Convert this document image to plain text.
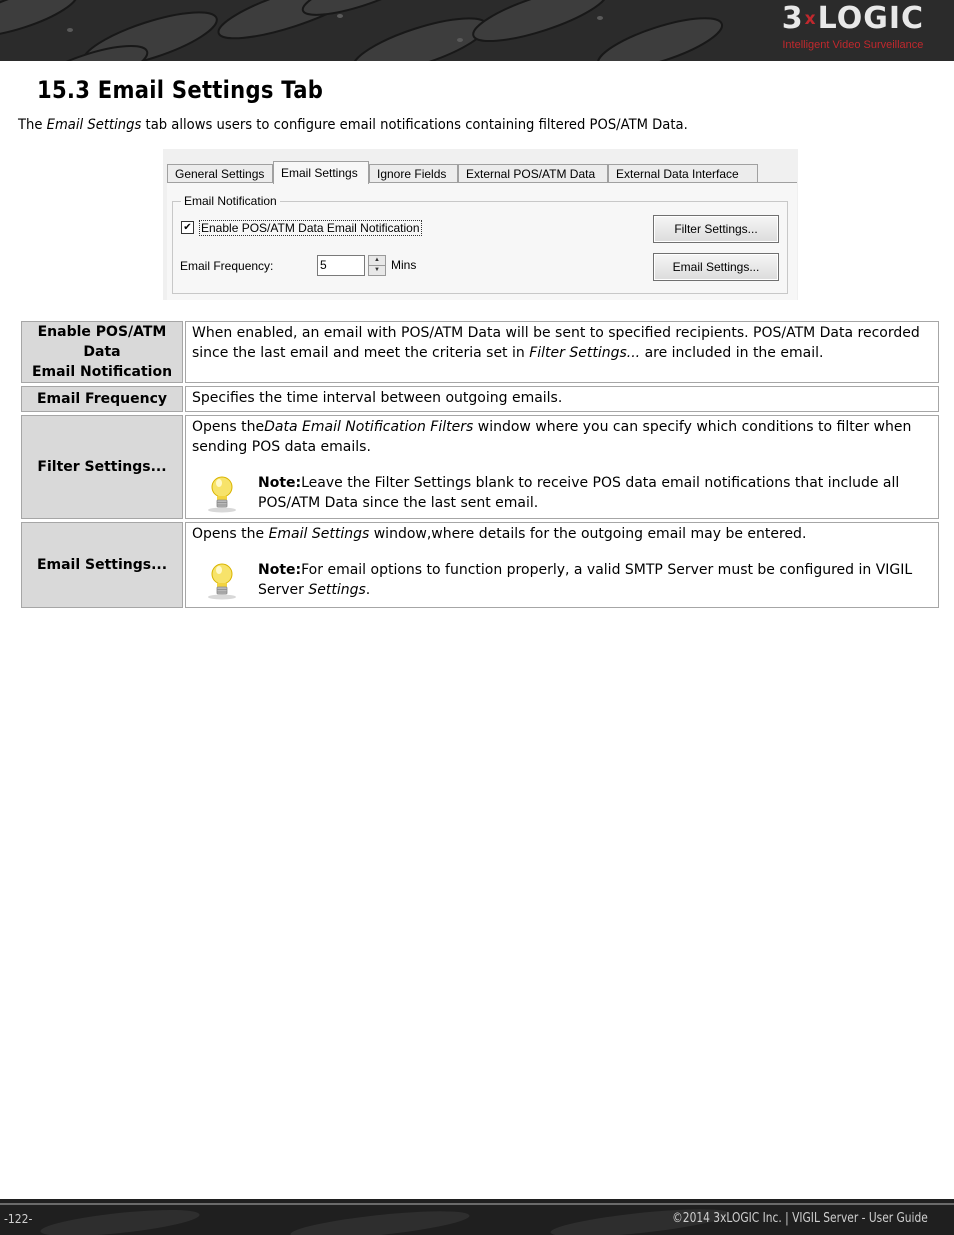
3xLOGIC
Intelligent Video Surveillance
15.3 Email Settings Tab

The Email Settings tab allows users to configure email notifications containing filtered POS/ATM Data.

General Settings	Email Settings	Ignore Fields	External POS/ATM Data	External Data Interface
Email Notification
✔ Enable POS/ATM Data Email Notification
Email Frequency:	5	▲
▼ Mins
Filter Settings...
Email Settings...
Enable POS/ATM Data
Email Notification	When enabled, an email with POS/ATM Data will be sent to specified recipients. POS/ATM Data recorded since the last email and meet the criteria set in Filter Settings... are included in the email.

Email Frequency	Specifies the time interval between outgoing emails.
Filter Settings...	Opens theData Email Notification Filters window where you can specify which conditions to filter when sending POS data emails.

Note:Leave the Filter Settings blank to receive POS data email notifications that include all POS/ATM Data since the last sent email.

Email Settings...	Opens the Email Settings window,where details for the outgoing email may be entered.

Note:For email options to function properly, a valid SMTP Server must be configured in VIGIL Server Settings.

-122-	©2014 3xLOGIC Inc. | VIGIL Server - User Guide
